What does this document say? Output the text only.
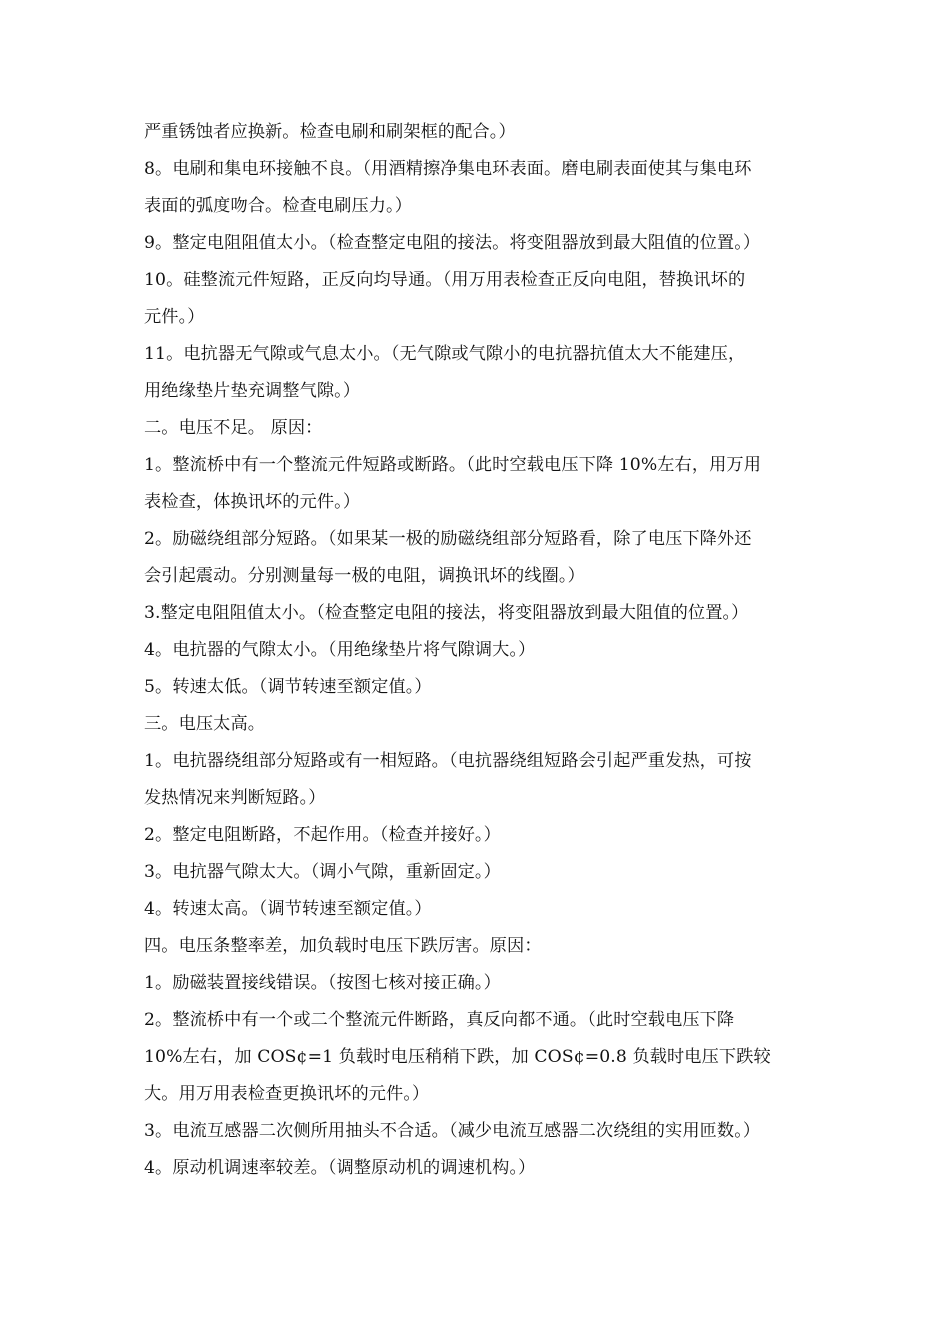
严重锈蚀者应换新。检查电刷和刷架框的配合。）
8。电刷和集电环接触不良。（用酒精擦净集电环表面。磨电刷表面使其与集电环
表面的弧度吻合。检查电刷压力。）
9。整定电阻阻值太小。（检查整定电阻的接法。将变阻器放到最大阻值的位置。）
10。硅整流元件短路，正反向均导通。（用万用表检查正反向电阻，替换讯坏的
元件。）
11。电抗器无气隙或气息太小。（无气隙或气隙小的电抗器抗值太大不能建压，
用绝缘垫片垫充调整气隙。）
二。电压不足。 原因：
1。整流桥中有一个整流元件短路或断路。（此时空载电压下降 10%左右，用万用
表检查，体换讯坏的元件。）
2。励磁绕组部分短路。（如果某一极的励磁绕组部分短路看，除了电压下降外还
会引起震动。分别测量每一极的电阻，调换讯坏的线圈。）
3.整定电阻阻值太小。（检查整定电阻的接法，将变阻器放到最大阻值的位置。）
4。电抗器的气隙太小。（用绝缘垫片将气隙调大。）
5。转速太低。（调节转速至额定值。）
三。电压太高。
1。电抗器绕组部分短路或有一相短路。（电抗器绕组短路会引起严重发热，可按
发热情况来判断短路。）
2。整定电阻断路，不起作用。（检查并接好。）
3。电抗器气隙太大。（调小气隙，重新固定。）
4。转速太高。（调节转速至额定值。）
四。电压条整率差，加负载时电压下跌厉害。原因：
1。励磁装置接线错误。（按图七核对接正确。）
2。整流桥中有一个或二个整流元件断路，真反向都不通。（此时空载电压下降
10%左右，加 COS¢=1 负载时电压稍稍下跌，加 COS¢=0.8 负载时电压下跌较
大。用万用表检查更换讯坏的元件。）
3。电流互感器二次侧所用抽头不合适。（减少电流互感器二次绕组的实用匝数。）
4。原动机调速率较差。（调整原动机的调速机构。）
